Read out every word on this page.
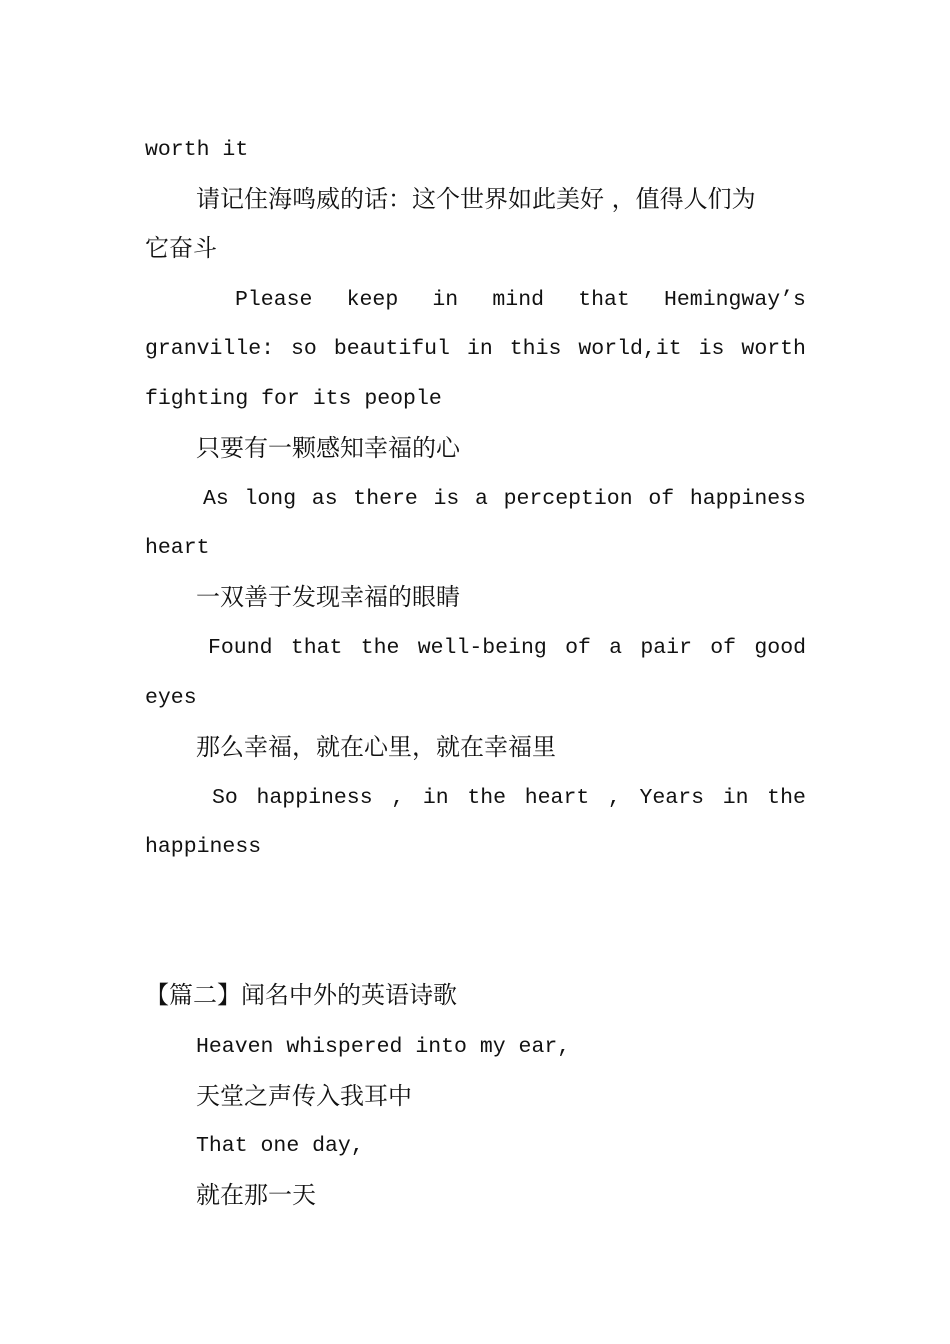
worth it
请记住海鸣威的话：这个世界如此美好 ，值得人们为
它奋斗
Please keep in mind that Hemingway’s
granville: so beautiful in this world,it is worth
fighting for its people
只要有一颗感知幸福的心
As long as there is a perception of happiness
heart
一双善于发现幸福的眼睛
Found that the well-being of a pair of good
eyes
那么幸福，就在心里，就在幸福里
So happiness , in the heart , Years in the
happiness
【篇二】闻名中外的英语诗歌
Heaven whispered into my ear,
天堂之声传入我耳中
That one day,
就在那一天
